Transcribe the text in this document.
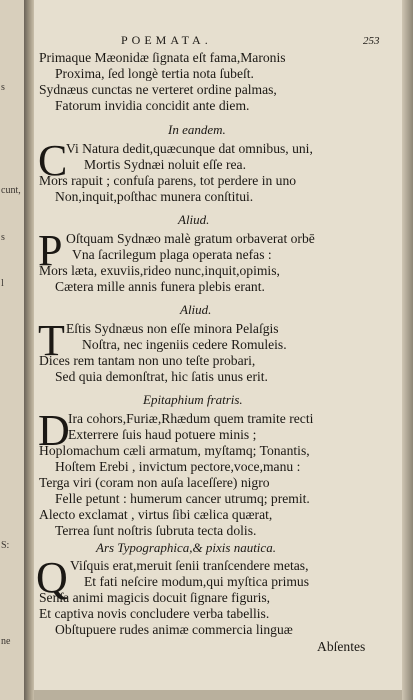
s
cunt,
s
l
S:
ne
POEMATA.	253
Primaque Mæonidæ ſignata eſt fama,Maronis
Proxima, ſed longè tertia nota ſubeſt.
Sydnæus cunctas ne verteret ordine palmas,
Fatorum invidia concidit ante diem.
In eandem.
C
Vi Natura dedit,quæcunque dat omnibus, uni,
Mortis Sydnæi noluit eſſe rea.
Mors rapuit ; confuſa parens, tot perdere in uno
Non,inquit,poſthac munera conſtitui.
Aliud.
P Oſtquam Sydnæo malè gratum orbaverat orbē
Vna ſacrilegum plaga operata nefas :
Mors læta, exuviis,rideo nunc,inquit,opimis,
Cætera mille annis funera plebis erant.
Aliud.
T Eſtis Sydnæus non eſſe minora Pelaſgis
Noſtra, nec ingeniis cedere Romuleis.
Dices rem tantam non uno teſte probari,
Sed quia demonſtrat, hic ſatis unus erit.
Epitaphium fratris.
D
Ira cohors,Furiæ,Rhædum quem tramite recti
Exterrere ſuis haud potuere minis ;
Hoplomachum cæli armatum, myſtamq; Tonantis,
Hoſtem Erebi , invictum pectore,voce,manu :
Terga viri (coram non auſa laceſſere) nigro
Felle petunt : humerum cancer utrumq; premit.
Alecto exclamat , virtus ſibi cælica quærat,
Terrea ſunt noſtris ſubruta tecta dolis.
Ars Typographica,& pixis nautica.
Q Viſquis erat,meruit ſenii tranſcendere metas,
Et fati neſcire modum,qui myſtica primus
Senſa animi magicis docuit ſignare figuris,
Et captiva novis concludere verba tabellis.
Obſtupuere rudes animæ commercia linguæ
Abſentes
